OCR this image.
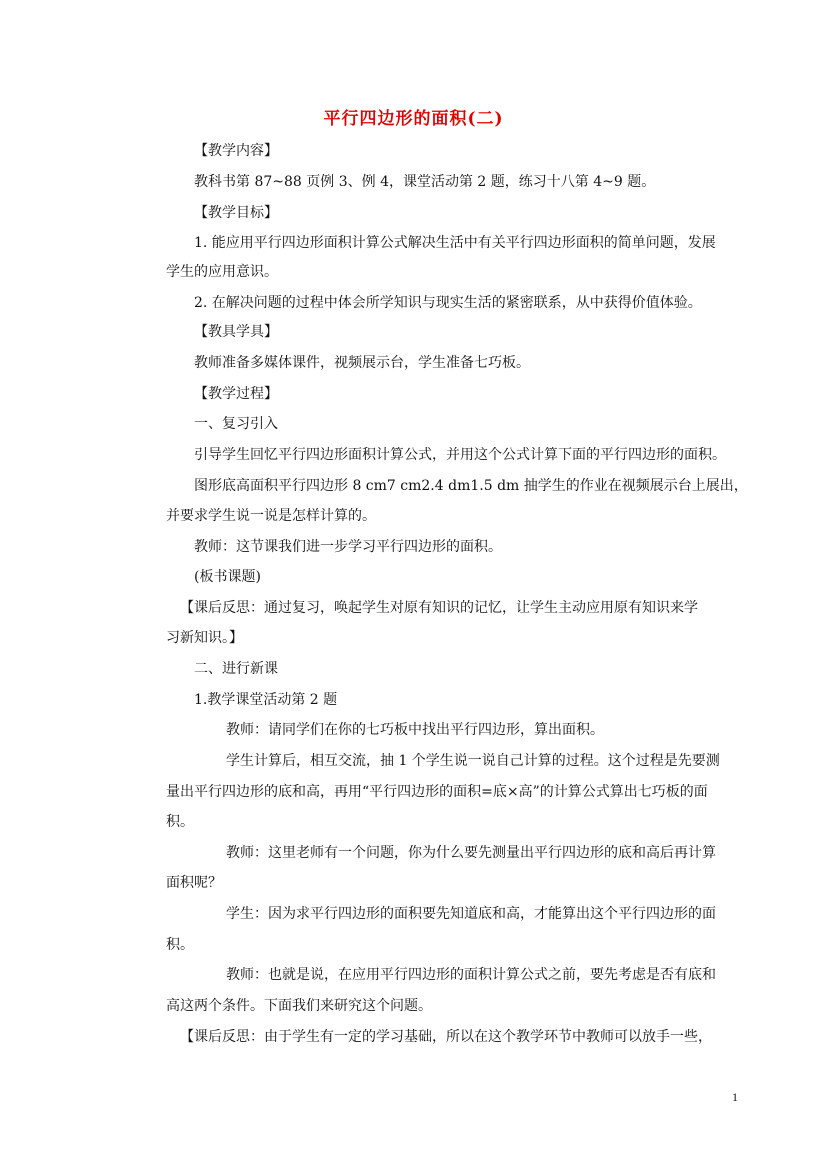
平行四边形的面积(二)
【教学内容】
教科书第 87~88 页例 3、例 4，课堂活动第 2 题，练习十八第 4~9 题。
【教学目标】
1. 能应用平行四边形面积计算公式解决生活中有关平行四边形面积的简单问题，发展
学生的应用意识。
2. 在解决问题的过程中体会所学知识与现实生活的紧密联系，从中获得价值体验。
【教具学具】
教师准备多媒体课件，视频展示台，学生准备七巧板。
【教学过程】
一、复习引入
引导学生回忆平行四边形面积计算公式，并用这个公式计算下面的平行四边形的面积。
图形底高面积平行四边形 8 cm7 cm2.4 dm1.5 dm 抽学生的作业在视频展示台上展出，
并要求学生说一说是怎样计算的。
教师：这节课我们进一步学习平行四边形的面积。
(板书课题)
【课后反思：通过复习，唤起学生对原有知识的记忆，让学生主动应用原有知识来学
习新知识。】
二、进行新课
1.教学课堂活动第 2 题
教师：请同学们在你的七巧板中找出平行四边形，算出面积。
学生计算后，相互交流，抽 1 个学生说一说自己计算的过程。这个过程是先要测
量出平行四边形的底和高，再用“平行四边形的面积=底×高”的计算公式算出七巧板的面
积。
教师：这里老师有一个问题，你为什么要先测量出平行四边形的底和高后再计算
面积呢？
学生：因为求平行四边形的面积要先知道底和高，才能算出这个平行四边形的面
积。
教师：也就是说，在应用平行四边形的面积计算公式之前，要先考虑是否有底和
高这两个条件。下面我们来研究这个问题。
【课后反思：由于学生有一定的学习基础，所以在这个教学环节中教师可以放手一些，
1
